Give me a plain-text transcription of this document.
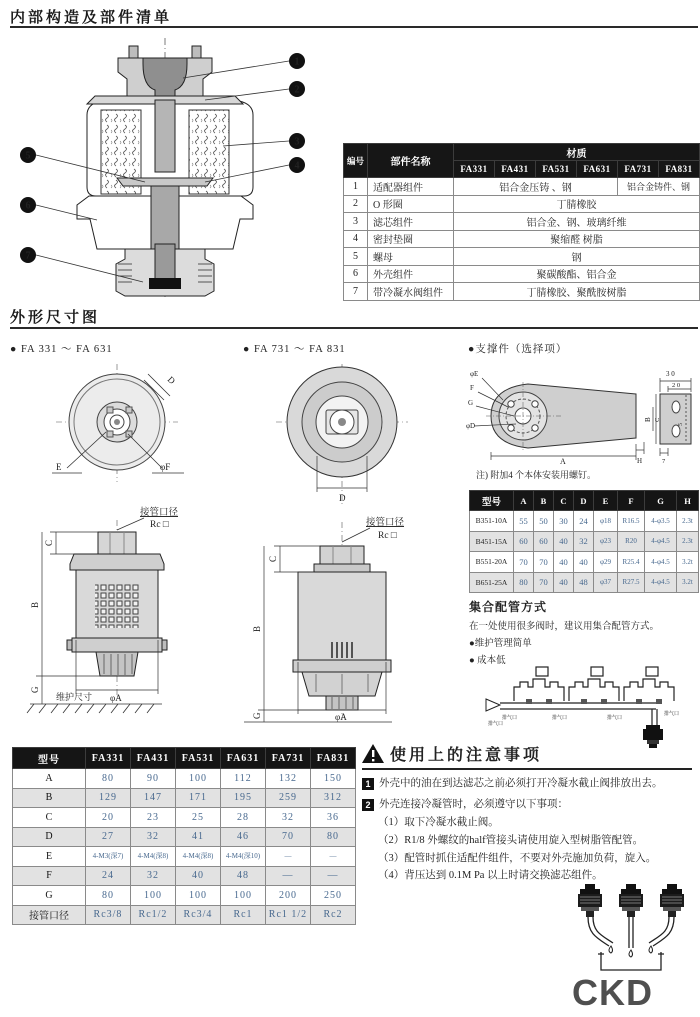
内部构造及部件清单
1
2
3
4
5
6
7
编号	部件名称	材质					
		FA331	FA431	FA531	FA631	FA731	FA831
1	适配器组件	铝合金压铸 、钢				铝合金铸件、钢	
2	O 形圈	丁腈橡胶					
3	滤芯组件	铝合金、钢、玻璃纤维					
4	密封垫圈	聚缩醛 树脂					
5	螺母	钢					
6	外壳组件	聚碳酸酯、铝合金					
7	带冷凝水阀组件	丁腈橡胶、聚酰胺树脂					
外形尺寸图
● FA 331 ～ FA 631	● FA 731 ～ FA 831	●支撑件（选择项）
D
E	φF
接管口径
Rc □
C
B
G
φA
维护尺寸
D
接管口径
Rc □
C
B
G	φA
φE
F
G
φD
A	H
3 0
2 0
B C
5
7
注) 附加4 个本体安装用螺钉。
型号	A	B	C	D	E	F	G	H
B351-10A	55	50	30	24	φ18	R16.5	4-φ3.5	2.3t
B451-15A	60	60	40	32	φ23	R20	4-φ4.5	2.3t
B551-20A	70	70	40	40	φ29	R25.4	4-φ4.5	3.2t
B651-25A	80	70	40	48	φ37	R27.5	4-φ4.5	3.2t
集合配管方式
在一处使用很多阀时，建议用集合配管方式。
●维护管理简单
● 成本低
排气口	排气口	排气口
排气口
排气口
型号	FA331	FA431	FA531	FA631	FA731	FA831
A	80	90	100	112	132	150
B	129	147	171	195	259	312
C	20	23	25	28	32	36
D	27	32	41	46	70	80
E	4-M3(深7)	4-M4(深8)	4-M4(深8)	4-M4(深10)	—	—
F	24	32	40	48	—	—
G	80	100	100	100	200	250
接管口径	Rc3/8	Rc1/2	Rc3/4	Rc1	Rc1 1/2	Rc2
使用上的注意事项
1 外壳中的油在到达滤芯之前必须打开冷凝水截止阀排放出去。
2 外壳连接冷凝管时，必须遵守以下事项：
（1）取下冷凝水截止阀。
（2）R1/8 外螺纹的half管接头请使用旋入型树脂管配管。
（3）配管时抓住适配件组件，不要对外壳施加负荷，旋入。
（4）背压达到 0.1M Pa 以上时请交换滤芯组件。
CKD
